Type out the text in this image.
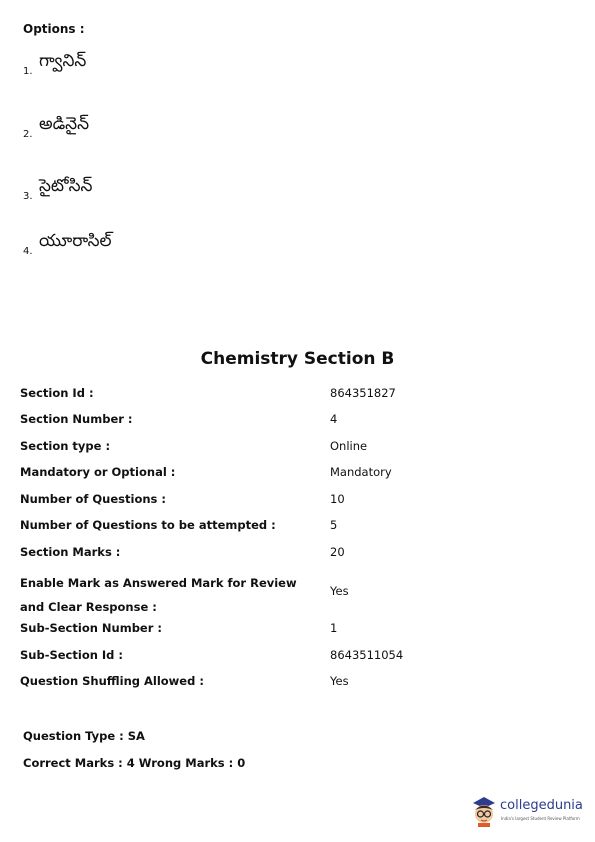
Options :
1.
గ్వానిన్
2.
అడినైన్
3.
సైటోసిన్
4.
యూరాసిల్
Chemistry Section B
Section Id :	864351827
Section Number :	4
Section type :	Online
Mandatory or Optional :	Mandatory
Number of Questions :	10
Number of Questions to be attempted :	5
Section Marks :	20
Enable Mark as Answered Mark for Review and Clear Response :
Yes
Sub-Section Number :	1
Sub-Section Id :	8643511054
Question Shuffling Allowed :	Yes
Question Type : SA
Correct Marks : 4 Wrong Marks : 0
collegedunia
India's largest Student Review Platform
